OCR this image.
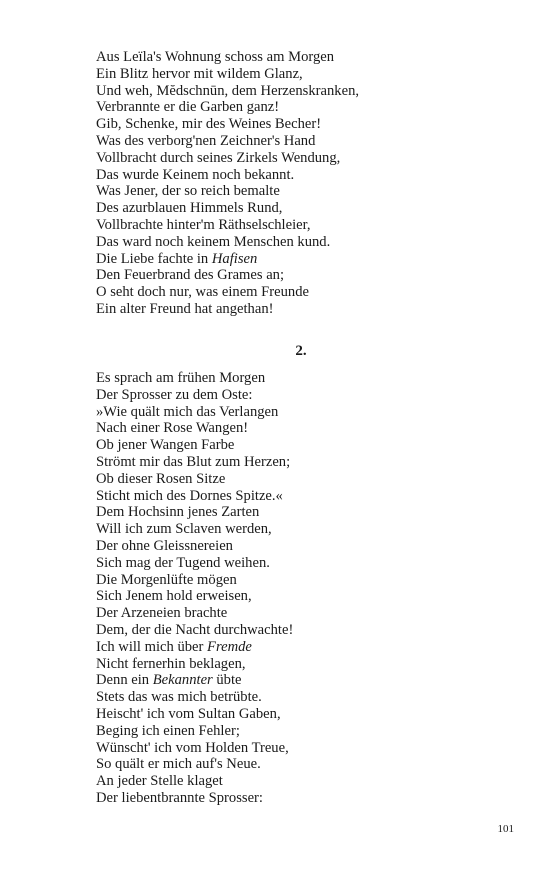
Aus Leïla's Wohnung schoss am Morgen
Ein Blitz hervor mit wildem Glanz,
Und weh, Mĕdschnūn, dem Herzenskranken,
Verbrannte er die Garben ganz!
Gib, Schenke, mir des Weines Becher!
Was des verborg'nen Zeichner's Hand
Vollbracht durch seines Zirkels Wendung,
Das wurde Keinem noch bekannt.
Was Jener, der so reich bemalte
Des azurblauen Himmels Rund,
Vollbrachte hinter'm Räthselschleier,
Das ward noch keinem Menschen kund.
Die Liebe fachte in Hafisen
Den Feuerbrand des Grames an;
O seht doch nur, was einem Freunde
Ein alter Freund hat angethan!
2.
Es sprach am frühen Morgen
Der Sprosser zu dem Oste:
»Wie quält mich das Verlangen
Nach einer Rose Wangen!
Ob jener Wangen Farbe
Strömt mir das Blut zum Herzen;
Ob dieser Rosen Sitze
Sticht mich des Dornes Spitze.«
Dem Hochsinn jenes Zarten
Will ich zum Sclaven werden,
Der ohne Gleissnereien
Sich mag der Tugend weihen.
Die Morgenlüfte mögen
Sich Jenem hold erweisen,
Der Arzeneien brachte
Dem, der die Nacht durchwachte!
Ich will mich über Fremde
Nicht fernerhin beklagen,
Denn ein Bekannter übte
Stets das was mich betrübte.
Heischt' ich vom Sultan Gaben,
Beging ich einen Fehler;
Wünscht' ich vom Holden Treue,
So quält er mich auf's Neue.
An jeder Stelle klaget
Der liebentbrannte Sprosser:
101
